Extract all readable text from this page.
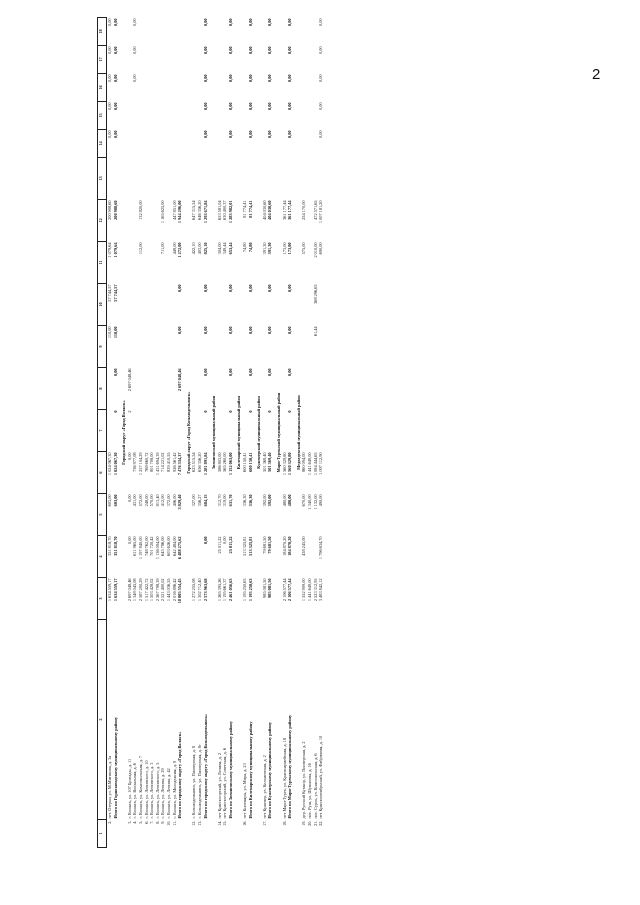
2
1	2	3	4	5	6	7	8	9	10	11	12	13	14	15	16	17	18
2.	пгт. Озерки, ул. М.Митякова, д. 3а	1 634 559,17	351 818,70	603,00	1 024 067,30			110,00	57 744,57	1 079,64	200 908,60		0,00	0,00	0,00	0,00	0,00
	Итого по Горнозаводскому муниципальному району	1 634 559,17	351 818,70	603,00	1 024 067,30	0	0,00	110,00	57 744,57	1 079,64	200 908,60		0,00	0,00	0,00	0,00	0,00
Городской округ «Город Волжск»																	
3.	г. Волжск, ул. 107 Бригады, д. 11	2 697 048,46	0,00	0,00	0,00	2	2 697 048,46										
4.	г. Волжск, ул. Вокзальная, д. 6	1 348 045,08	611 965,00	431,00	736 977,08										0,00	0,00	0,00
5.	г. Волжск, ул. Комсомольская, д. 7	2 587 200,29	1 197 840,00	572,00	1 257 104,29					112,00	132 820,00						
6.	г. Волжск, ул. Ленинского, д. 10	1 517 422,72	748 762,00	248,00	768 660,72												
7.	г. Волжск, ул. Ленинского, д. 3	1 503 428,02	701 720,42	570,00	801 708,00												
8.	г. Волжск, ул. Ленинского, д. 5	2 567 798,39	1 136 094,00	813,40	1 431 694,39												
9.	г. Волжск, ул. Ленина, д. 29	2 521 400,02	645 786,00	412,00	714 221,02					711,00	1 165 625,00						
10.	г. Волжск, ул. Ленина, д. 42	1 443 036,55	603 626,00	372,00	839 410,55												
11.	г. Волжск, ул. Молодежная, д. 9	2 016 896,42	642 484,00	406,00	926 561,42					449,00	447 851,00						
	Итого по городскому округу «Город Волжск»	18 005 554,45	6 488 275,62	3 829,40	7 476 334,37		2 697 048,46	0,00	0,00	1 272,00	1 944 296,00						
Городской округ «Город Козьмодемьянск»																	
12.	г. Козьмодемьянск, ул. Пионерская, д. 8	1 272 255,08		327,00	623 515,54					422,10	647 315,54						
13.	г. Козьмодемьянск, ул. Пионерская, д. 8г	1 302 712,40		356,27	656 356,20					403,00	646 356,20						
	Итого по городскому округу «Город Козьмодемьянск»	2 573 963,68	0,00	684,15	1 281 891,84	0	0,00	0,00	0,00	825,10	1 293 671,84		0,00	0,00	0,00	0,00	0,00
Звениговский муниципальный район																	
14.	пгт Красногорский, ул. Ленина, д. 2	1 265 395,26	25 011,22	312,70	586 803,00					304,00	653 581,04						
15.	пгт Красногорский, ул. Советская, д. 6	1 195 661,37	0,00	319,00	565 260,00					349,44	630 400,37						
	Итого по Звениговскому муниципальному району	2 461 056,63	25 011,22	631,70	1 152 063,00	0	0,00	0,00	0,00	653,44	1 283 982,01		0,00	0,00	0,00	0,00	0,00
Килемарский муниципальный район																	
16.	пгт Килемары, ул. Мира, д. 23	1 195 250,63	513 325,81	336,30	600 150,41					74,80	81 774,41						
	Итого по Килемарскому муниципальному району	1 195 250,63	513 325,81	336,30	600 150,41	0	0,00	0,00	0,00	74,80	81 774,41		0,00	0,00	0,00	0,00	0,00
Куженерский муниципальный район																	
17.	пгт Куженер, ул. Кельменская, д. 2	985 081,50	79 681,50	392,00	501 369,40					391,30	404 030,60						
	Итого по Куженерскому муниципальному району	985 081,50	79 681,50	392,00	501 369,40	0	0,00	0,00	0,00	391,30	404 030,60		0,00	0,00	0,00	0,00	0,00
Мари-Турекский муниципальный район																	
18.	пгт Мари-Турек, ул. Красноармейская, д. 18	2 106 577,44	184 870,20	480,00	1 560 329,80					173,00	361 177,44						
	Итого по Мари-Турекскому муниципальному району	2 106 577,44	184 870,20	480,00	1 560 329,80	0	0,00	0,00	0,00	173,00	361 177,44		0,00	0,00	0,00	0,00	0,00
Медведевский муниципальный район																	
19.	дер. Русский Кукмор, ул. Пионерская, д. 2	1 552 909,00	438 245,00	670,00	860 094,00					575,00	254 170,00						
20.	пос. Руш, ул. Шумилова, д. 16	1 441 649,00		1 340,00	1 441 649,00												
21.	пос. Сурок, ул. Комсомольская, д. 6	2 523 312,95		1 132,00	1 084 444,65			61,44	368 296,63	2 010,00	472 571,65						
22.	пгт Краснооктябрьский, ул. Фабричная, д. 10	3 483 842,12	1 796 634,70	490,00	1 097 112,90					690,00	1 007 181,20		0,00	0,00	0,00	0,00	0,00
